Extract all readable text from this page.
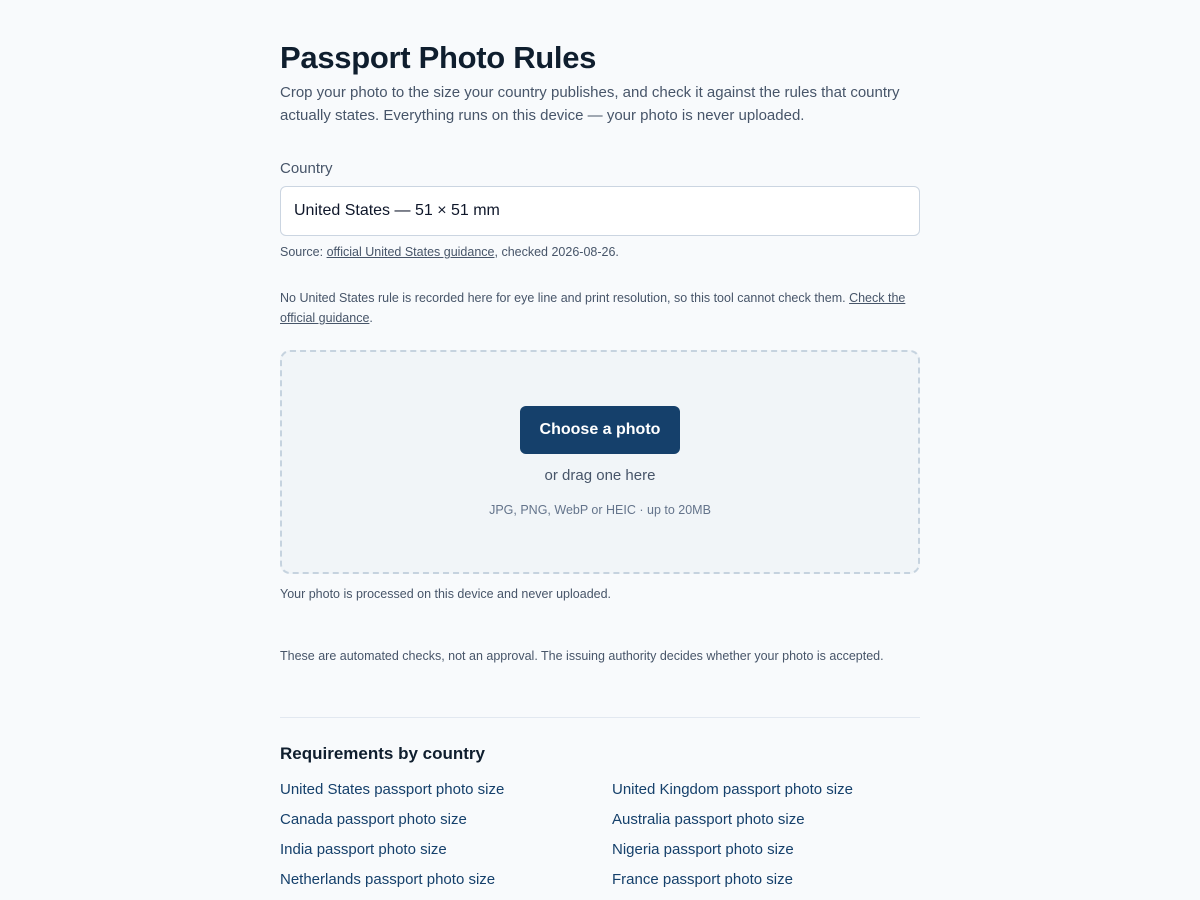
Passport Photo Rules

Crop your photo to the size your country publishes, and check it against the rules that country actually states. Everything runs on this device — your photo is never uploaded.

Country
United States — 51 × 51 mm

Source: official United States guidance, checked 2026-08-26.

No United States rule is recorded here for eye line and print resolution, so this tool cannot check them. Check the official guidance.

Choose a photo

or drag one here

JPG, PNG, WebP or HEIC · up to 20MB

Your photo is processed on this device and never uploaded.

These are automated checks, not an approval. The issuing authority decides whether your photo is accepted.

Requirements by country
United States passport photo size	United Kingdom passport photo size
Canada passport photo size	Australia passport photo size
India passport photo size	Nigeria passport photo size
Netherlands passport photo size	France passport photo size
